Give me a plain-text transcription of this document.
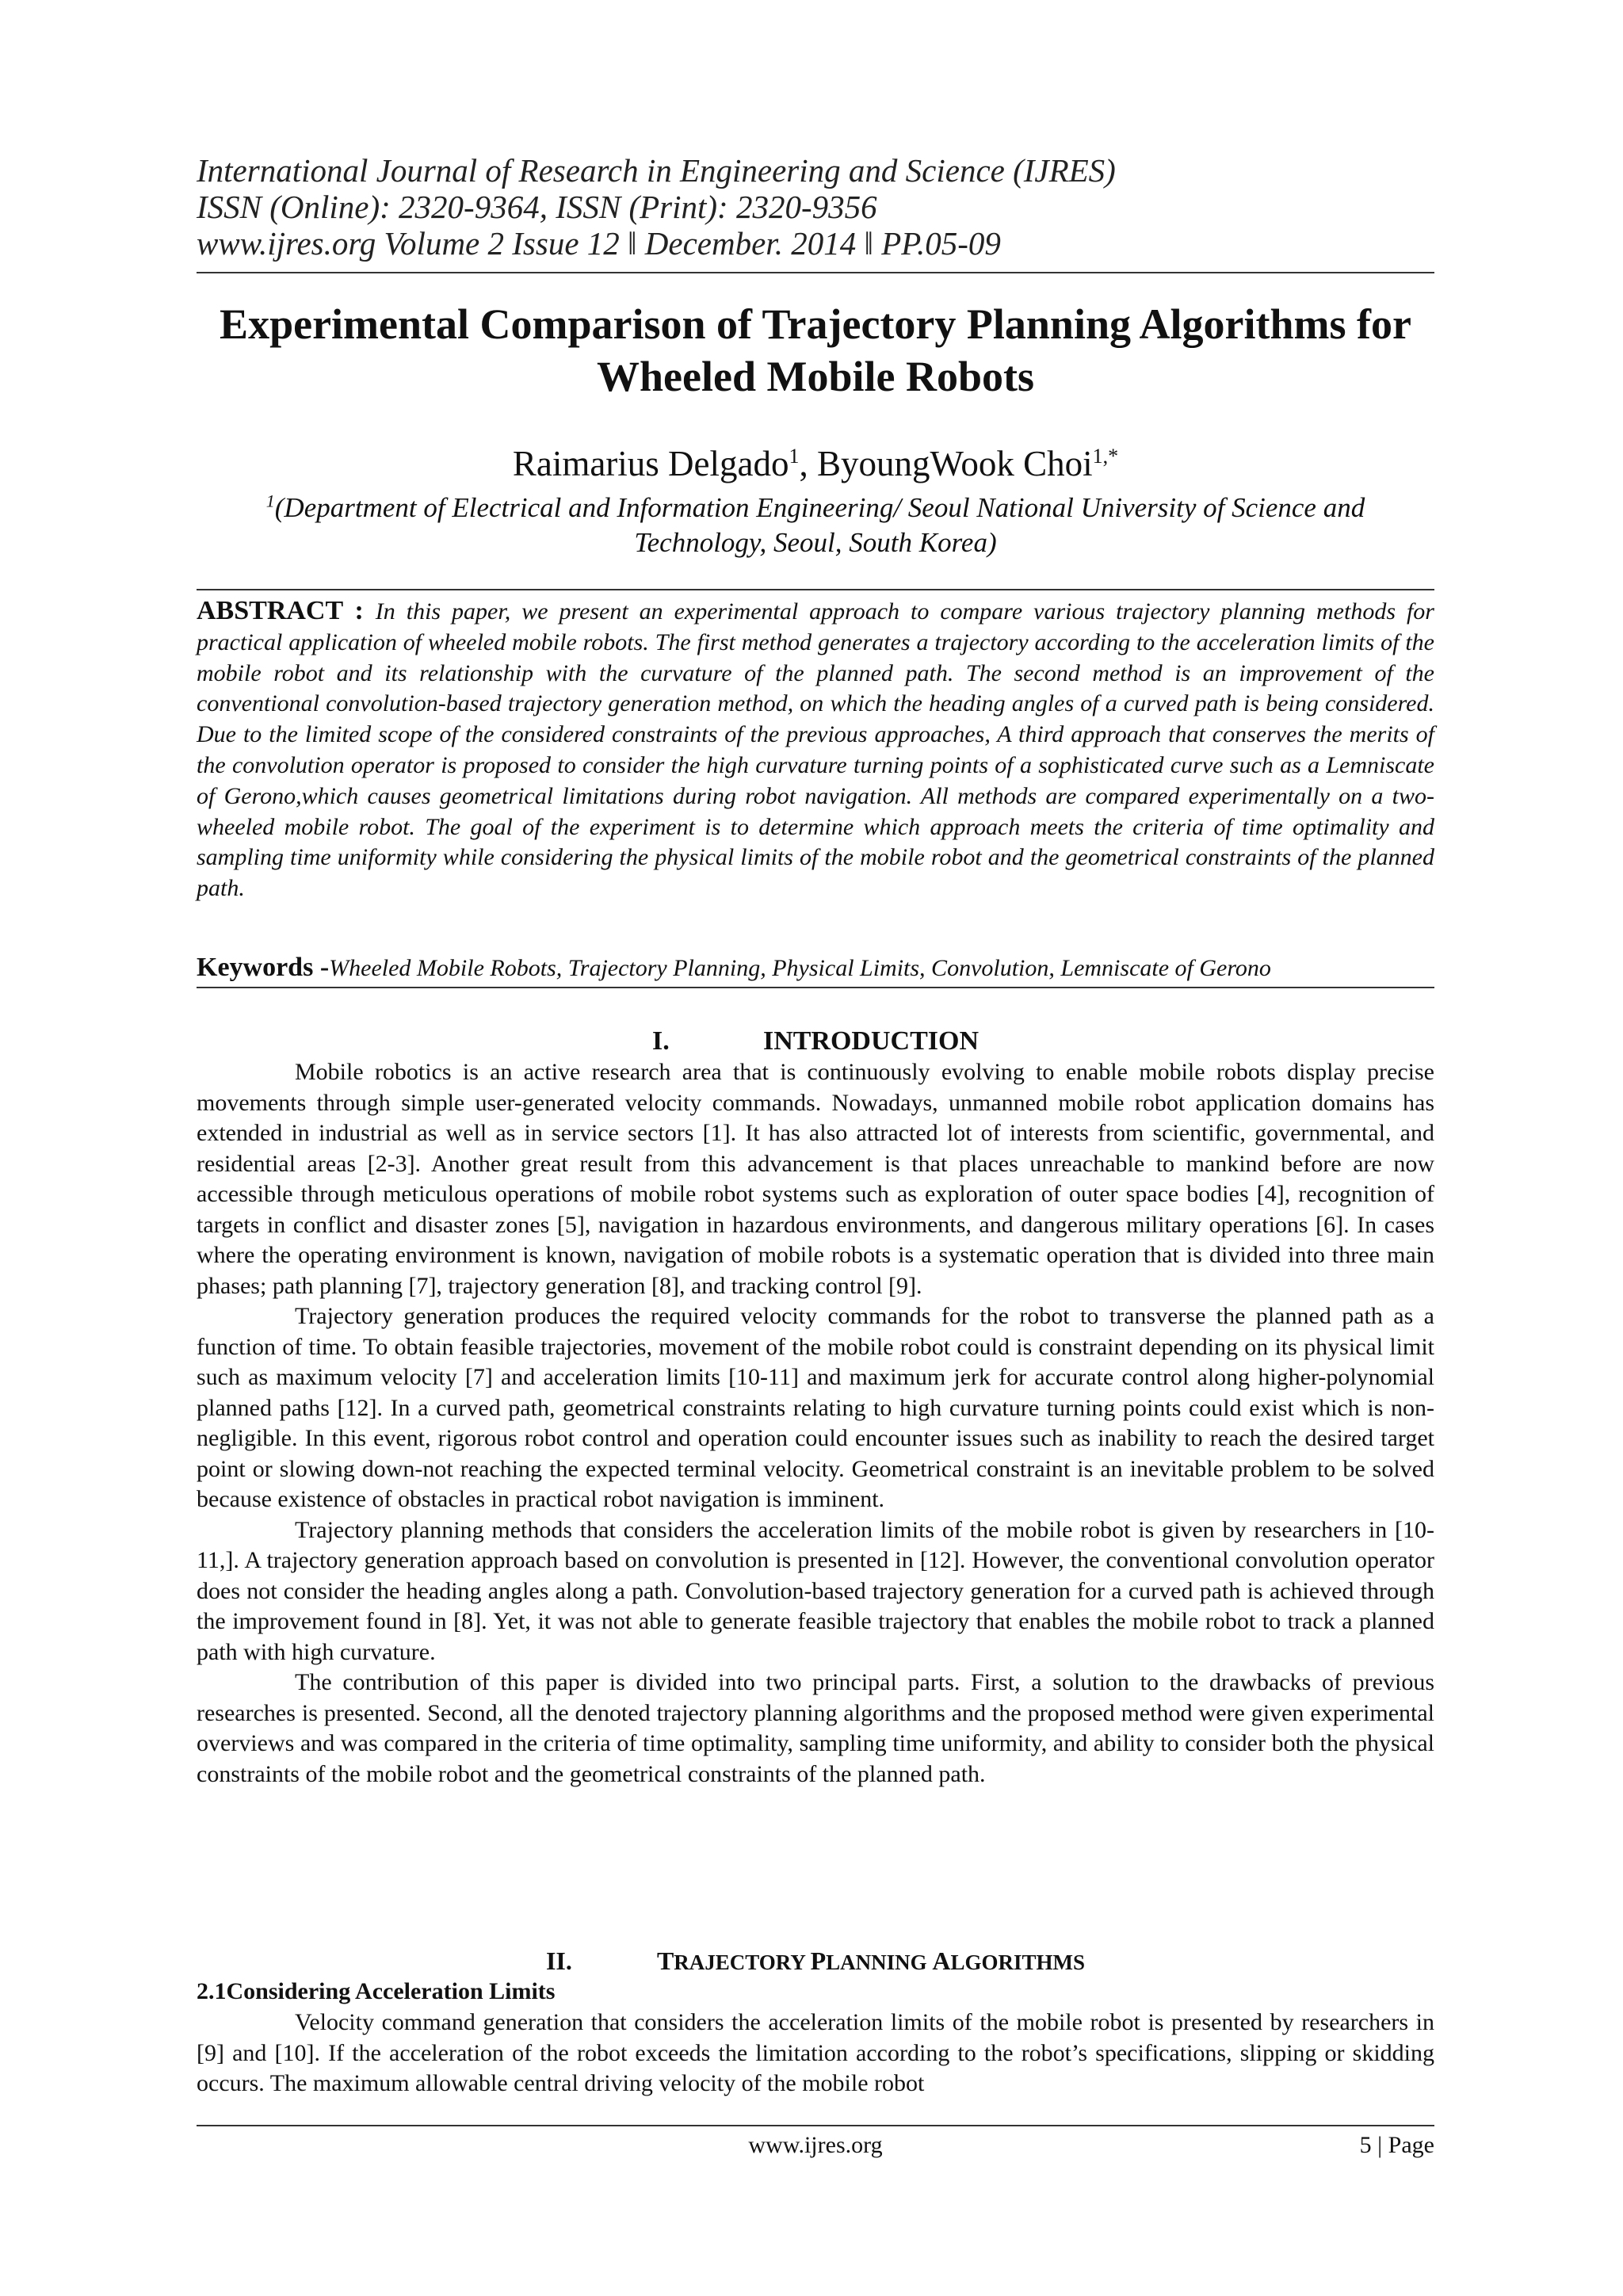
International Journal of Research in Engineering and Science (IJRES)
ISSN (Online): 2320-9364, ISSN (Print): 2320-9356
www.ijres.org Volume 2 Issue 12 ǁ December. 2014 ǁ PP.05-09
Experimental Comparison of Trajectory Planning Algorithms for
Wheeled Mobile Robots
Raimarius Delgado$^1$, ByoungWook Choi$^{1,*}$
$^1$(Department of Electrical and Information Engineering/ Seoul National University of Science and Technology, Seoul, South Korea)
ABSTRACT : In this paper, we present an experimental approach to compare various trajectory planning methods for practical application of wheeled mobile robots. The first method generates a trajectory according to the acceleration limits of the mobile robot and its relationship with the curvature of the planned path. The second method is an improvement of the conventional convolution-based trajectory generation method, on which the heading angles of a curved path is being considered. Due to the limited scope of the considered constraints of the previous approaches, A third approach that conserves the merits of the convolution operator is proposed to consider the high curvature turning points of a sophisticated curve such as a Lemniscate of Gerono,which causes geometrical limitations during robot navigation. All methods are compared experimentally on a two-wheeled mobile robot. The goal of the experiment is to determine which approach meets the criteria of time optimality and sampling time uniformity while considering the physical limits of the mobile robot and the geometrical constraints of the planned path.
Keywords -Wheeled Mobile Robots, Trajectory Planning, Physical Limits, Convolution, Lemniscate of Gerono
I.	INTRODUCTION

Mobile robotics is an active research area that is continuously evolving to enable mobile robots display precise movements through simple user-generated velocity commands. Nowadays, unmanned mobile robot application domains has extended in industrial as well as in service sectors [1]. It has also attracted lot of interests from scientific, governmental, and residential areas [2-3]. Another great result from this advancement is that places unreachable to mankind before are now accessible through meticulous operations of mobile robot systems such as exploration of outer space bodies [4], recognition of targets in conflict and disaster zones [5], navigation in hazardous environments, and dangerous military operations [6]. In cases where the operating environment is known, navigation of mobile robots is a systematic operation that is divided into three main phases; path planning [7], trajectory generation [8], and tracking control [9].

Trajectory generation produces the required velocity commands for the robot to transverse the planned path as a function of time. To obtain feasible trajectories, movement of the mobile robot could is constraint depending on its physical limit such as maximum velocity [7] and acceleration limits [10-11] and maximum jerk for accurate control along higher-polynomial planned paths [12]. In a curved path, geometrical constraints relating to high curvature turning points could exist which is non- negligible. In this event, rigorous robot control and operation could encounter issues such as inability to reach the desired target point or slowing down-not reaching the expected terminal velocity. Geometrical constraint is an inevitable problem to be solved because existence of obstacles in practical robot navigation is imminent.

Trajectory planning methods that considers the acceleration limits of the mobile robot is given by researchers in [10-11,]. A trajectory generation approach based on convolution is presented in [12]. However, the conventional convolution operator does not consider the heading angles along a path. Convolution-based trajectory generation for a curved path is achieved through the improvement found in [8]. Yet, it was not able to generate feasible trajectory that enables the mobile robot to track a planned path with high curvature.

The contribution of this paper is divided into two principal parts. First, a solution to the drawbacks of previous researches is presented. Second, all the denoted trajectory planning algorithms and the proposed method were given experimental overviews and was compared in the criteria of time optimality, sampling time uniformity, and ability to consider both the physical constraints of the mobile robot and the geometrical constraints of the planned path.

II.	TRAJECTORY PLANNING ALGORITHMS
2.1Considering Acceleration Limits

Velocity command generation that considers the acceleration limits of the mobile robot is presented by researchers in [9] and [10]. If the acceleration of the robot exceeds the limitation according to the robot’s specifications, slipping or skidding occurs. The maximum allowable central driving velocity of the mobile robot

www.ijres.org	5 | Page
